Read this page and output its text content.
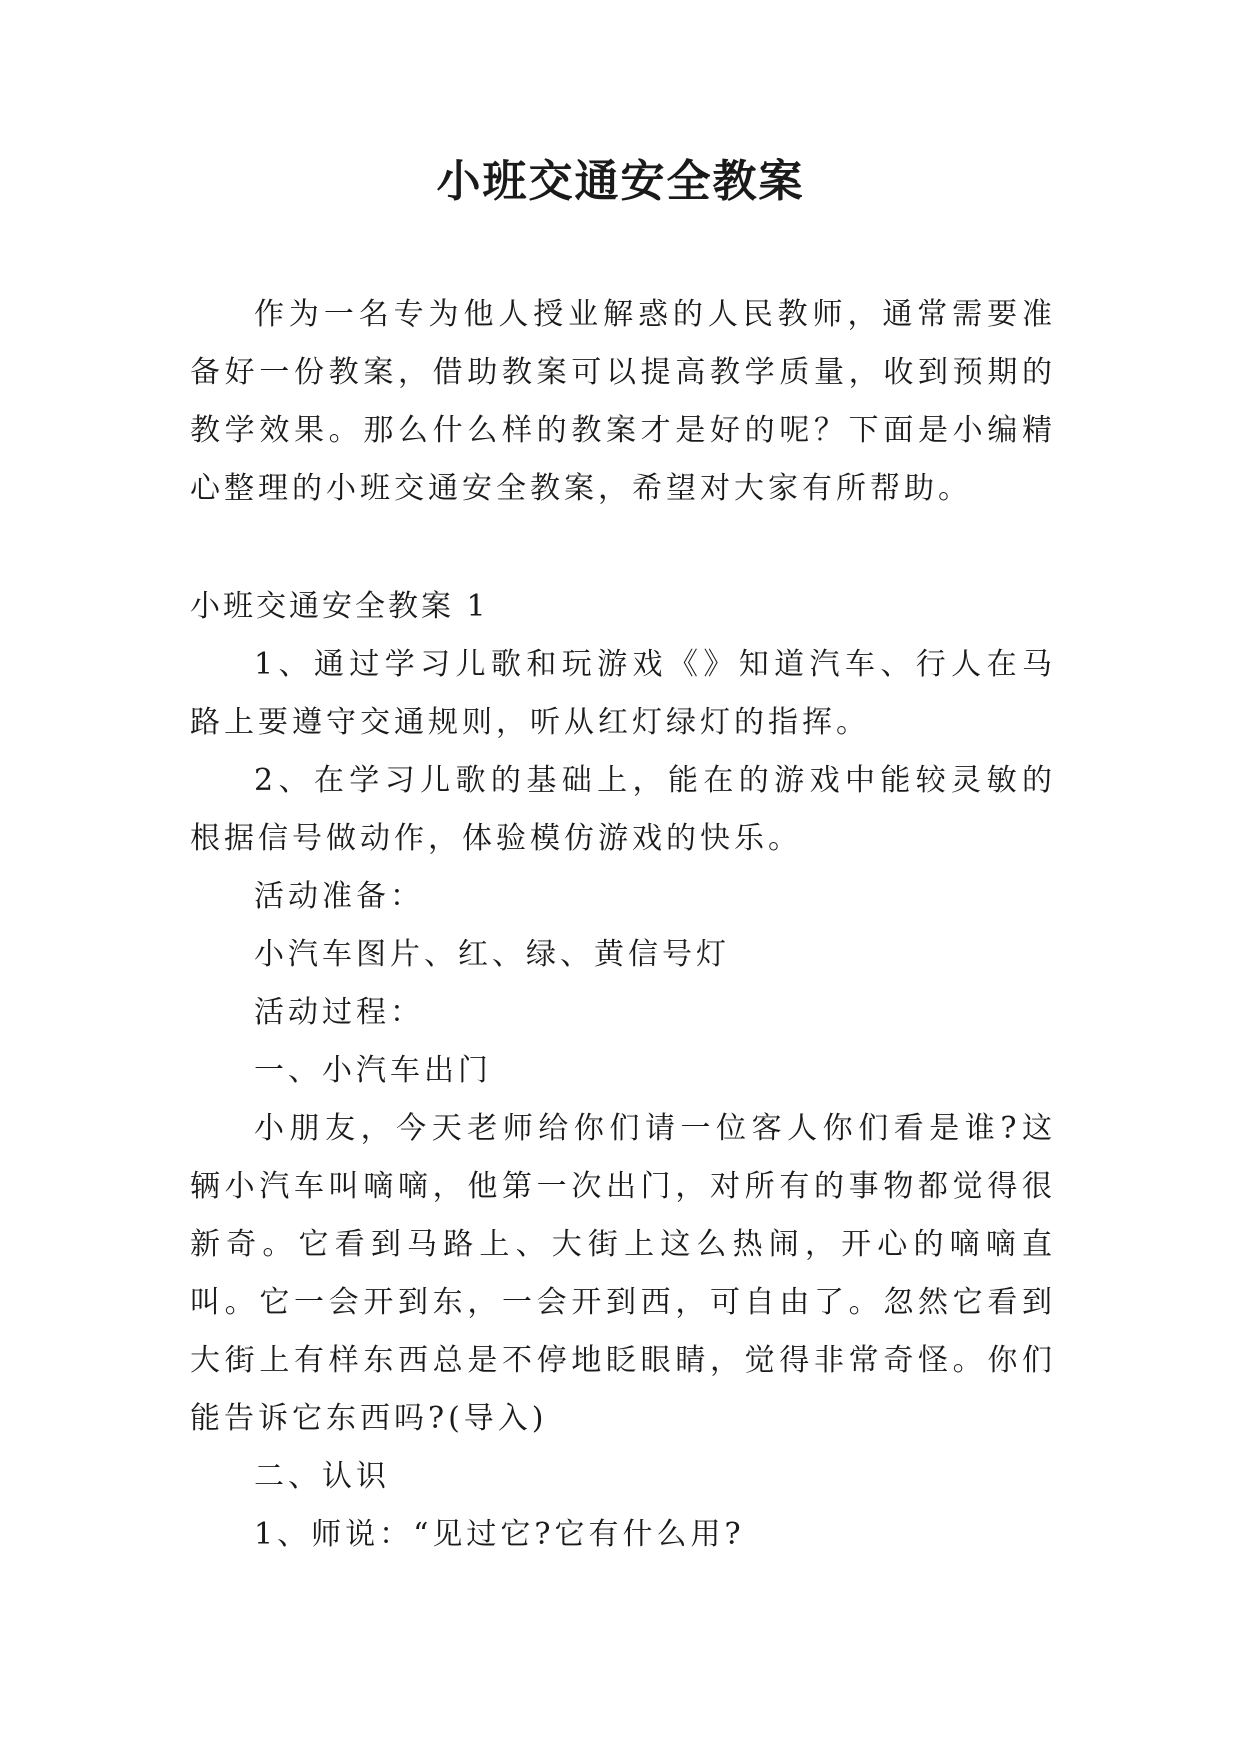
小班交通安全教案

作为一名专为他人授业解惑的人民教师，通常需要准备好一份教案，借助教案可以提高教学质量，收到预期的教学效果。那么什么样的教案才是好的呢？下面是小编精心整理的小班交通安全教案，希望对大家有所帮助。

小班交通安全教案 1

1、通过学习儿歌和玩游戏《》知道汽车、行人在马路上要遵守交通规则，听从红灯绿灯的指挥。

2、在学习儿歌的基础上，能在的游戏中能较灵敏的根据信号做动作，体验模仿游戏的快乐。

活动准备：

小汽车图片、红、绿、黄信号灯

活动过程：

一、小汽车出门

小朋友，今天老师给你们请一位客人你们看是谁?这辆小汽车叫嘀嘀，他第一次出门，对所有的事物都觉得很新奇。它看到马路上、大街上这么热闹，开心的嘀嘀直叫。它一会开到东，一会开到西，可自由了。忽然它看到大街上有样东西总是不停地眨眼睛，觉得非常奇怪。你们能告诉它东西吗?(导入)

二、认识

1、师说：“见过它?它有什么用?
